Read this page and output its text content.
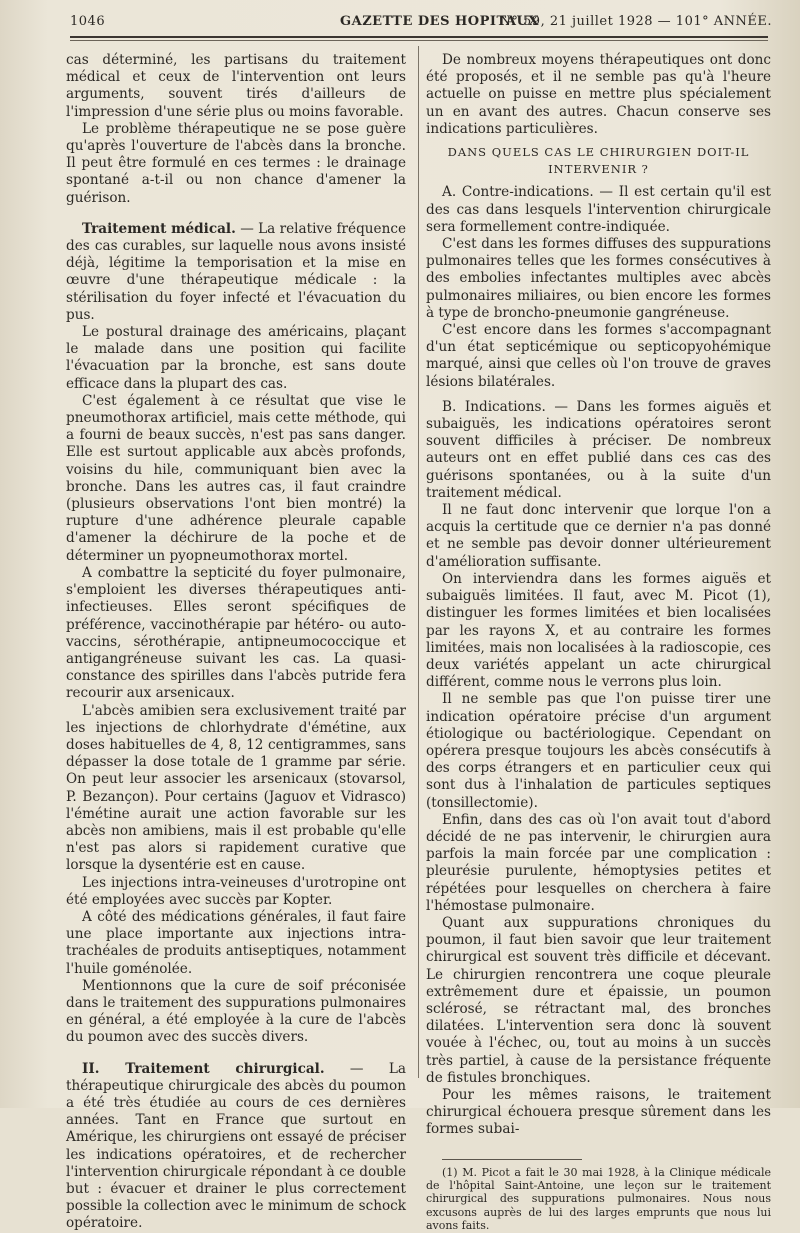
1046	GAZETTE DES HOPITAUX
N° 59, 21 juillet 1928 — 101° ANNÉE.

cas déterminé, les partisans du traitement médical et ceux de l'intervention ont leurs arguments, souvent tirés d'ailleurs de l'impression d'une série plus ou moins favorable.

Le problème thérapeutique ne se pose guère qu'après l'ouverture de l'abcès dans la bronche. Il peut être formulé en ces termes : le drainage spontané a-t-il ou non chance d'amener la guérison.

Traitement médical. — La relative fréquence des cas curables, sur laquelle nous avons insisté déjà, légitime la temporisation et la mise en œuvre d'une thérapeutique médicale : la stérilisation du foyer infecté et l'évacuation du pus.

Le postural drainage des américains, plaçant le malade dans une position qui facilite l'évacuation par la bronche, est sans doute efficace dans la plupart des cas.

C'est également à ce résultat que vise le pneumothorax artificiel, mais cette méthode, qui a fourni de beaux succès, n'est pas sans danger. Elle est surtout applicable aux abcès profonds, voisins du hile, communiquant bien avec la bronche. Dans les autres cas, il faut craindre (plusieurs observations l'ont bien montré) la rupture d'une adhérence pleurale capable d'amener la déchirure de la poche et de déterminer un pyopneumothorax mortel.

A combattre la septicité du foyer pulmonaire, s'emploient les diverses thérapeutiques anti-infectieuses. Elles seront spécifiques de préférence, vaccinothérapie par hétéro- ou auto-vaccins, sérothérapie, antipneumococcique et antigangréneuse suivant les cas. La quasi-constance des spirilles dans l'abcès putride fera recourir aux arsenicaux.

L'abcès amibien sera exclusivement traité par les injections de chlorhydrate d'émétine, aux doses habituelles de 4, 8, 12 centigrammes, sans dépasser la dose totale de 1 gramme par série. On peut leur associer les arsenicaux (stovarsol, P. Bezançon). Pour certains (Jaguov et Vidrasco) l'émétine aurait une action favorable sur les abcès non amibiens, mais il est probable qu'elle n'est pas alors si rapidement curative que lorsque la dysentérie est en cause.

Les injections intra-veineuses d'urotropine ont été employées avec succès par Kopter.

A côté des médications générales, il faut faire une place importante aux injections intra-trachéales de produits antiseptiques, notamment l'huile goménolée.

Mentionnons que la cure de soif préconisée dans le traitement des suppurations pulmonaires en général, a été employée à la cure de l'abcès du poumon avec des succès divers.

II. Traitement chirurgical. — La thérapeutique chirurgicale des abcès du poumon a été très étudiée au cours de ces dernières années. Tant en France que surtout en Amérique, les chirurgiens ont essayé de préciser les indications opératoires, et de rechercher l'intervention chirurgicale répondant à ce double but : évacuer et drainer le plus correctement possible la collection avec le minimum de schock opératoire.

De nombreux moyens thérapeutiques ont donc été proposés, et il ne semble pas qu'à l'heure actuelle on puisse en mettre plus spécialement un en avant des autres. Chacun conserve ses indications particulières.

DANS QUELS CAS LE CHIRURGIEN DOIT-IL INTERVENIR ?

A. Contre-indications. — Il est certain qu'il est des cas dans lesquels l'intervention chirurgicale sera formellement contre-indiquée.

C'est dans les formes diffuses des suppurations pulmonaires telles que les formes consécutives à des embolies infectantes multiples avec abcès pulmonaires miliaires, ou bien encore les formes à type de broncho-pneumonie gangréneuse.

C'est encore dans les formes s'accompagnant d'un état septicémique ou septicopyohémique marqué, ainsi que celles où l'on trouve de graves lésions bilatérales.

B. Indications. — Dans les formes aiguës et subaiguës, les indications opératoires seront souvent difficiles à préciser. De nombreux auteurs ont en effet publié dans ces cas des guérisons spontanées, ou à la suite d'un traitement médical.

Il ne faut donc intervenir que lorque l'on a acquis la certitude que ce dernier n'a pas donné et ne semble pas devoir donner ultérieurement d'amélioration suffisante.

On interviendra dans les formes aiguës et subaiguës limitées. Il faut, avec M. Picot (1), distinguer les formes limitées et bien localisées par les rayons X, et au contraire les formes limitées, mais non localisées à la radioscopie, ces deux variétés appelant un acte chirurgical différent, comme nous le verrons plus loin.

Il ne semble pas que l'on puisse tirer une indication opératoire précise d'un argument étiologique ou bactériologique. Cependant on opérera presque toujours les abcès consécutifs à des corps étrangers et en particulier ceux qui sont dus à l'inhalation de particules septiques (tonsillectomie).

Enfin, dans des cas où l'on avait tout d'abord décidé de ne pas intervenir, le chirurgien aura parfois la main forcée par une complication : pleurésie purulente, hémoptysies petites et répétées pour lesquelles on cherchera à faire l'hémostase pulmonaire.

Quant aux suppurations chroniques du poumon, il faut bien savoir que leur traitement chirurgical est souvent très difficile et décevant. Le chirurgien rencontrera une coque pleurale extrêmement dure et épaissie, un poumon sclérosé, se rétractant mal, des bronches dilatées. L'intervention sera donc là souvent vouée à l'échec, ou, tout au moins à un succès très partiel, à cause de la persistance fréquente de fistules bronchiques.

Pour les mêmes raisons, le traitement chirurgical échouera presque sûrement dans les formes subai-

(1) M. Picot a fait le 30 mai 1928, à la Clinique médicale de l'hôpital Saint-Antoine, une leçon sur le traitement chirurgical des suppurations pulmonaires. Nous nous excusons auprès de lui des larges emprunts que nous lui avons faits.
